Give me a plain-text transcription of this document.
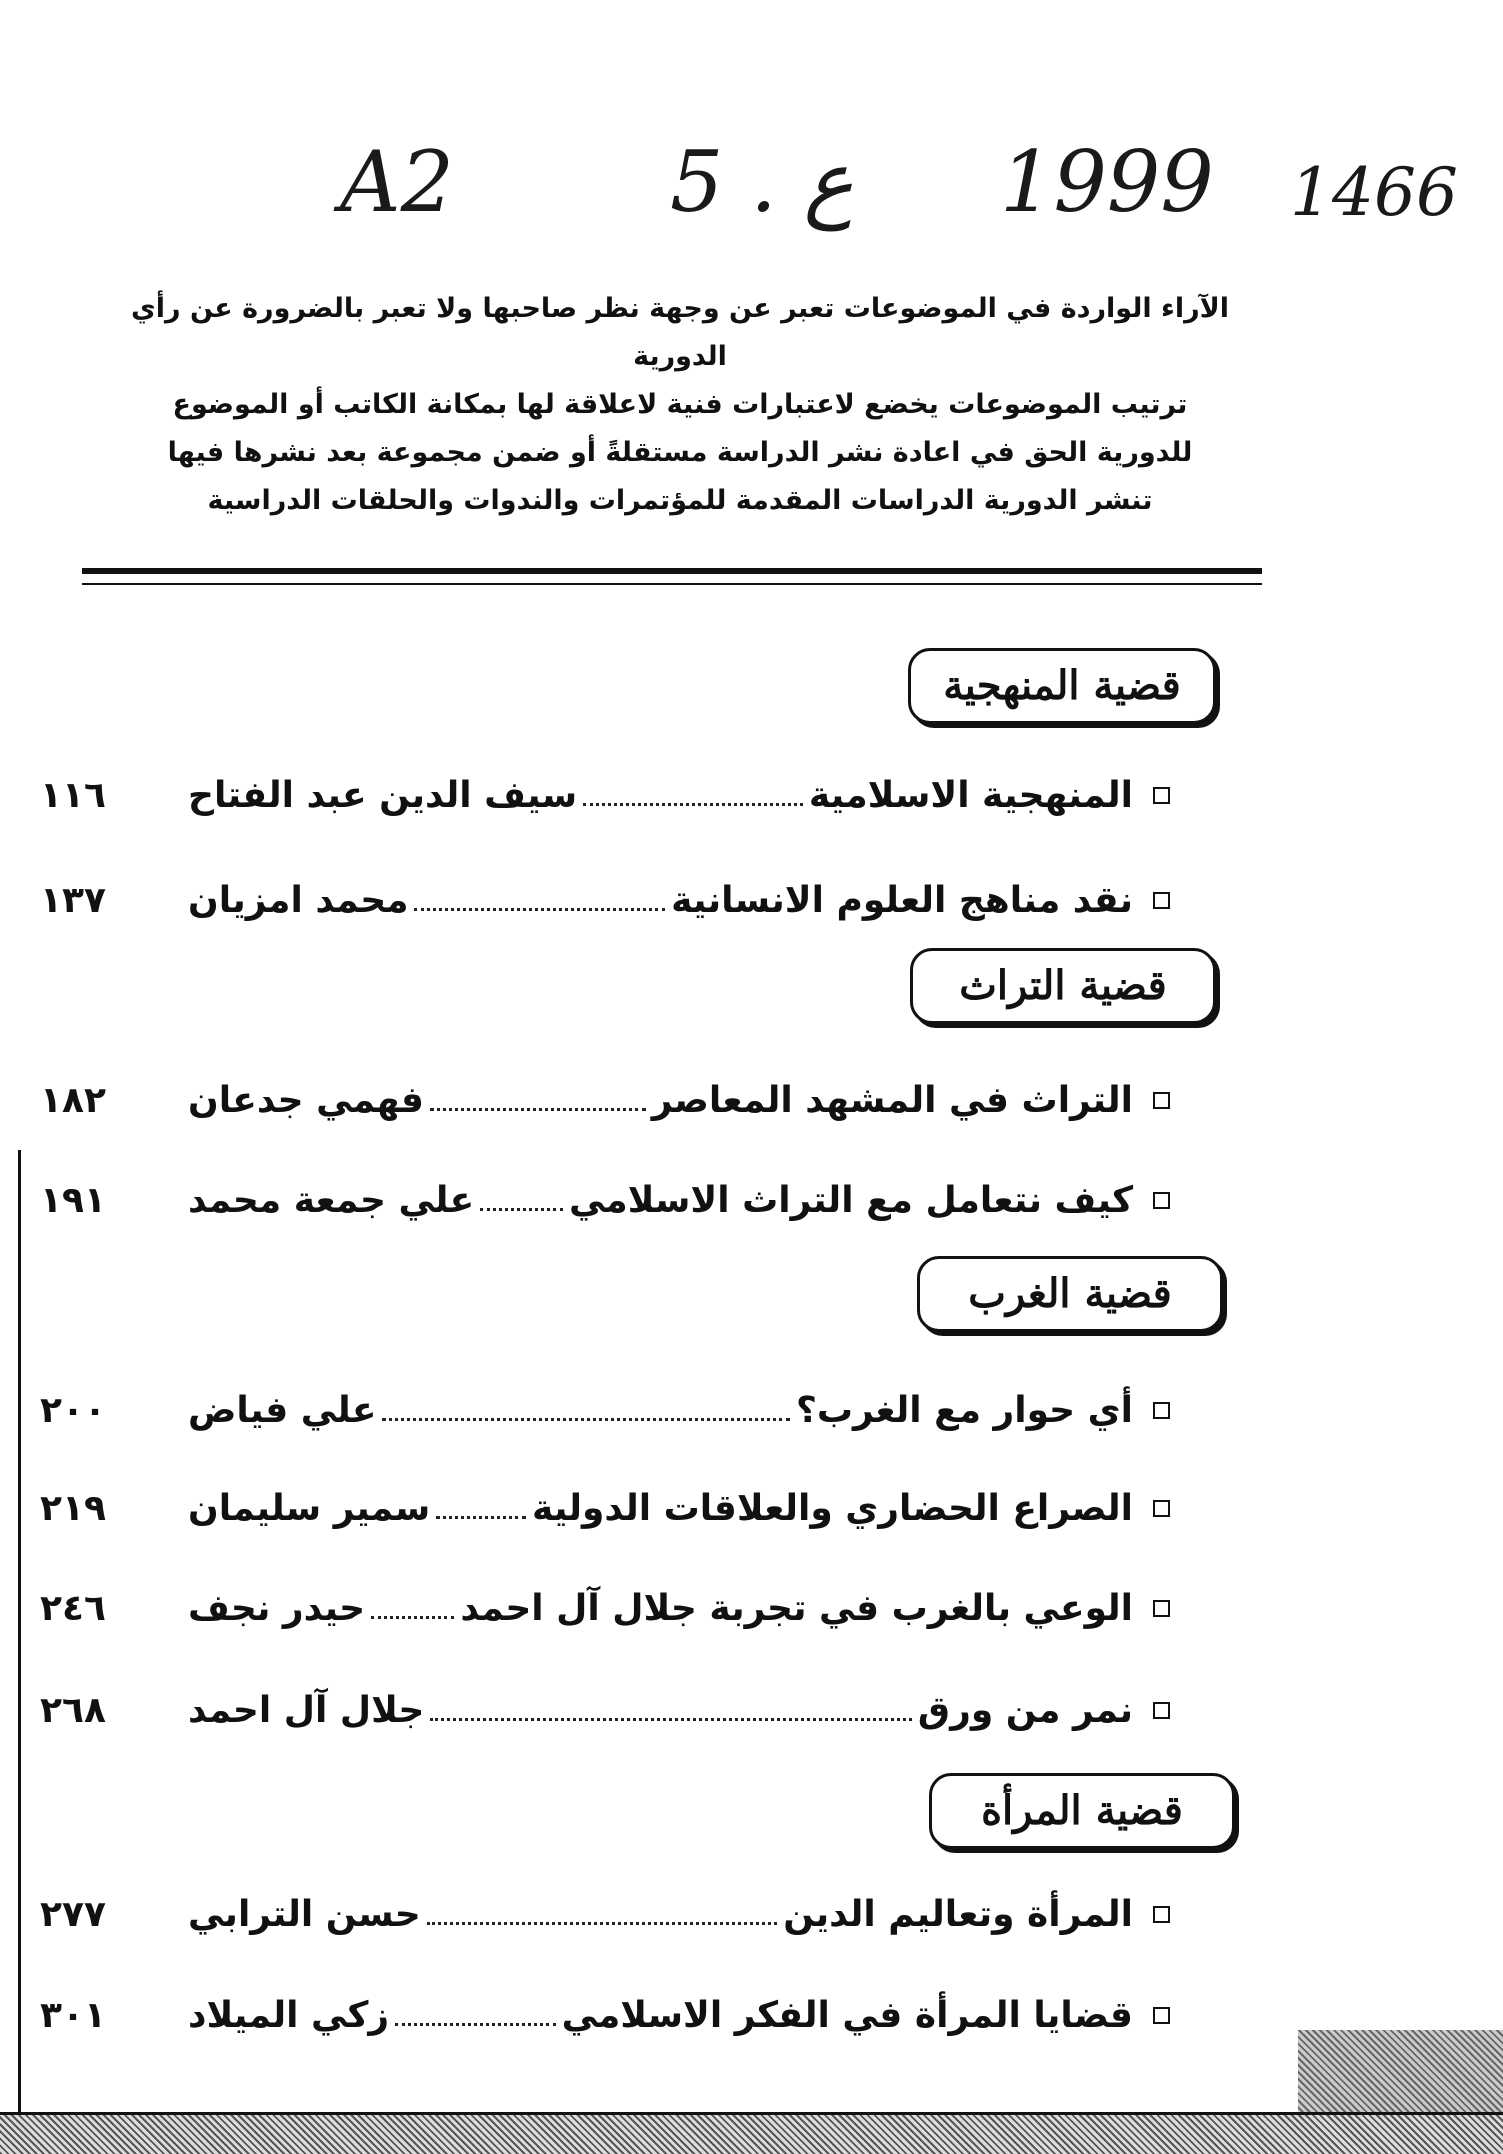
A2	5 . ع 1999 1466

الآراء الواردة في الموضوعات تعبر عن وجهة نظر صاحبها ولا تعبر بالضرورة عن رأي الدورية

ترتيب الموضوعات يخضع لاعتبارات فنية لاعلاقة لها بمكانة الكاتب أو الموضوع

للدورية الحق في اعادة نشر الدراسة مستقلةً أو ضمن مجموعة بعد نشرها فيها

تنشر الدورية الدراسات المقدمة للمؤتمرات والندوات والحلقات الدراسية

قضية المنهجية
المنهجية الاسلامية
سيف الدين عبد الفتاح
١١٦
نقد مناهج العلوم الانسانية
محمد امزيان
١٣٧
قضية التراث
التراث في المشهد المعاصر
فهمي جدعان
١٨٢
كيف نتعامل مع التراث الاسلامي
علي جمعة محمد
١٩١
قضية الغرب
أي حوار مع الغرب؟
علي فياض
٢٠٠
الصراع الحضاري والعلاقات الدولية
سمير سليمان
٢١٩
الوعي بالغرب في تجربة جلال آل احمد
حيدر نجف
٢٤٦
نمر من ورق
جلال آل احمد
٢٦٨
قضية المرأة
المرأة وتعاليم الدين
حسن الترابي
٢٧٧
قضايا المرأة في الفكر الاسلامي
زكي الميلاد
٣٠١
